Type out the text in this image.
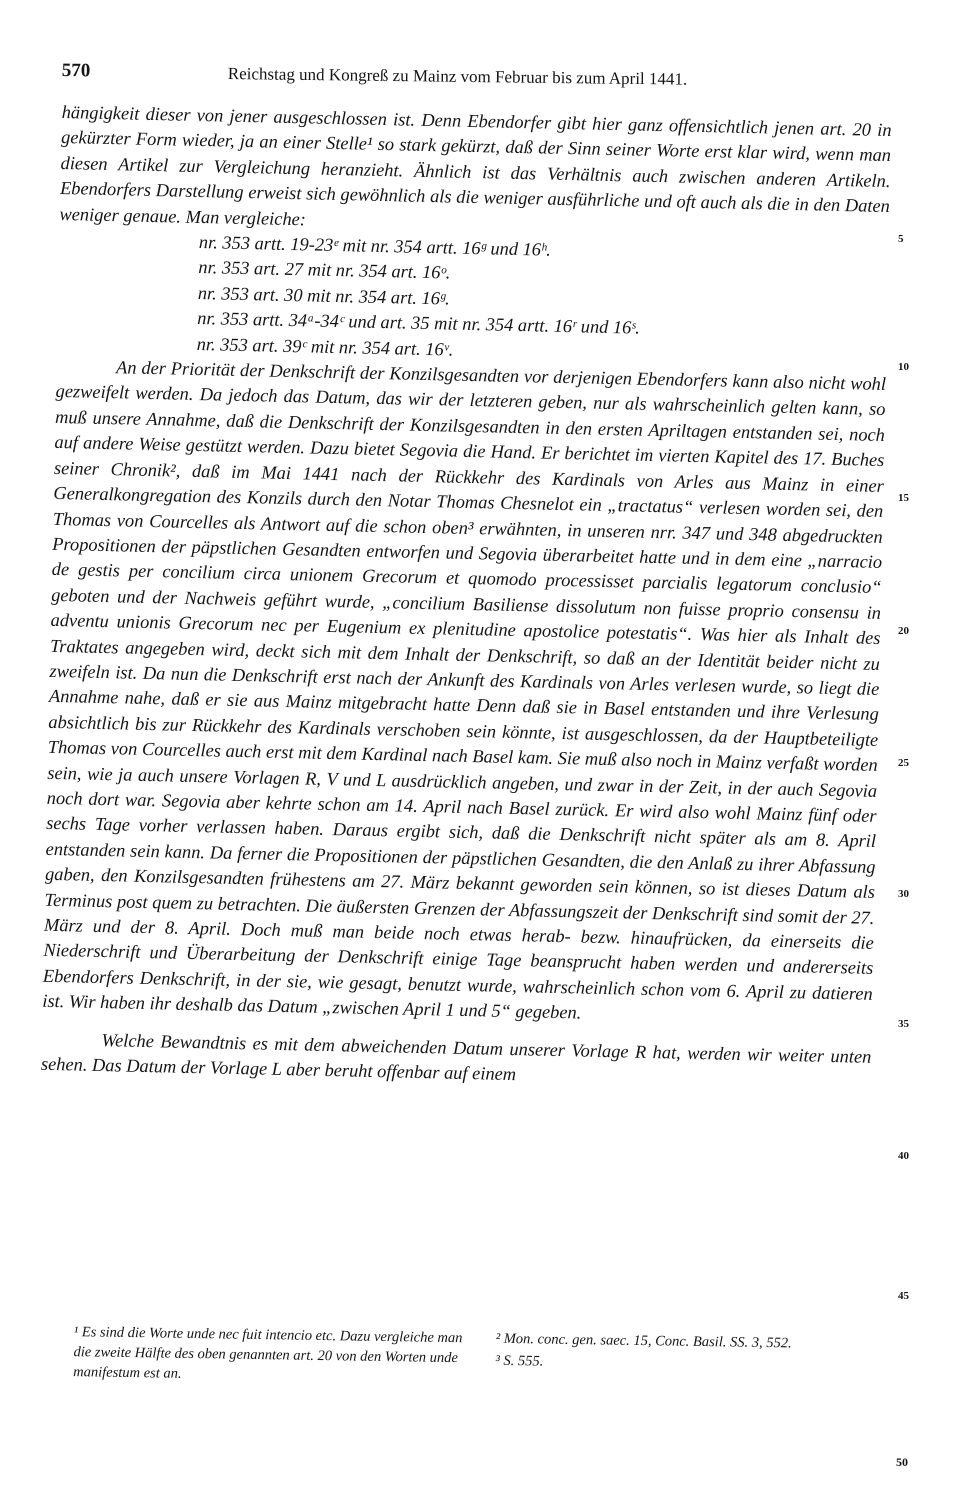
570	Reichstag und Kongreß zu Mainz vom Februar bis zum April 1441.

hängigkeit dieser von jener ausgeschlossen ist. Denn Ebendorfer gibt hier ganz offensichtlich jenen art. 20 in gekürzter Form wieder, ja an einer Stelle¹ so stark gekürzt, daß der Sinn seiner Worte erst klar wird, wenn man diesen Artikel zur Vergleichung heranzieht. Ähnlich ist das Verhältnis auch zwischen anderen Artikeln. Ebendorfers Darstellung erweist sich gewöhnlich als die weniger ausführliche und oft auch als die in den Daten weniger genaue. Man vergleiche:

nr. 353 artt. 19-23ᵉ mit nr. 354 artt. 16ᵍ und 16ʰ.
nr. 353 art. 27 mit nr. 354 art. 16ᵒ.
nr. 353 art. 30 mit nr. 354 art. 16ᵍ.
nr. 353 artt. 34ᵃ-34ᶜ und art. 35 mit nr. 354 artt. 16ʳ und 16ˢ.
nr. 353 art. 39ᶜ mit nr. 354 art. 16ᵛ.

An der Priorität der Denkschrift der Konzilsgesandten vor derjenigen Ebendorfers kann also nicht wohl gezweifelt werden. Da jedoch das Datum, das wir der letzteren geben, nur als wahrscheinlich gelten kann, so muß unsere Annahme, daß die Denkschrift der Konzilsgesandten in den ersten Apriltagen entstanden sei, noch auf andere Weise gestützt werden. Dazu bietet Segovia die Hand. Er berichtet im vierten Kapitel des 17. Buches seiner Chronik², daß im Mai 1441 nach der Rückkehr des Kardinals von Arles aus Mainz in einer Generalkongregation des Konzils durch den Notar Thomas Chesnelot ein „tractatus“ verlesen worden sei, den Thomas von Courcelles als Antwort auf die schon oben³ erwähnten, in unseren nrr. 347 und 348 abgedruckten Propositionen der päpstlichen Gesandten entworfen und Segovia überarbeitet hatte und in dem eine „narracio de gestis per concilium circa unionem Grecorum et quomodo processisset parcialis legatorum conclusio“ geboten und der Nachweis geführt wurde, „concilium Basiliense dissolutum non fuisse proprio consensu in adventu unionis Grecorum nec per Eugenium ex plenitudine apostolice potestatis“. Was hier als Inhalt des Traktates angegeben wird, deckt sich mit dem Inhalt der Denkschrift, so daß an der Identität beider nicht zu zweifeln ist. Da nun die Denkschrift erst nach der Ankunft des Kardinals von Arles verlesen wurde, so liegt die Annahme nahe, daß er sie aus Mainz mitgebracht hatte Denn daß sie in Basel entstanden und ihre Verlesung absichtlich bis zur Rückkehr des Kardinals verschoben sein könnte, ist ausgeschlossen, da der Hauptbeteiligte Thomas von Courcelles auch erst mit dem Kardinal nach Basel kam. Sie muß also noch in Mainz verfaßt worden sein, wie ja auch unsere Vorlagen R, V und L ausdrücklich angeben, und zwar in der Zeit, in der auch Segovia noch dort war. Segovia aber kehrte schon am 14. April nach Basel zurück. Er wird also wohl Mainz fünf oder sechs Tage vorher verlassen haben. Daraus ergibt sich, daß die Denkschrift nicht später als am 8. April entstanden sein kann. Da ferner die Propositionen der päpstlichen Gesandten, die den Anlaß zu ihrer Abfassung gaben, den Konzilsgesandten frühestens am 27. März bekannt geworden sein können, so ist dieses Datum als Terminus post quem zu betrachten. Die äußersten Grenzen der Abfassungszeit der Denkschrift sind somit der 27. März und der 8. April. Doch muß man beide noch etwas herab- bezw. hinaufrücken, da einerseits die Niederschrift und Überarbeitung der Denkschrift einige Tage beansprucht haben werden und andererseits Ebendorfers Denkschrift, in der sie, wie gesagt, benutzt wurde, wahrscheinlich schon vom 6. April zu datieren ist. Wir haben ihr deshalb das Datum „zwischen April 1 und 5“ gegeben.

Welche Bewandtnis es mit dem abweichenden Datum unserer Vorlage R hat, werden wir weiter unten sehen. Das Datum der Vorlage L aber beruht offenbar auf einem

5
10
15
20
25
30
35
40
45

¹ Es sind die Worte unde nec fuit intencio etc. Dazu vergleiche man die zweite Hälfte des oben genannten art. 20 von den Worten unde manifestum est an.

² Mon. conc. gen. saec. 15, Conc. Basil. SS. 3, 552.

³ S. 555.

50
